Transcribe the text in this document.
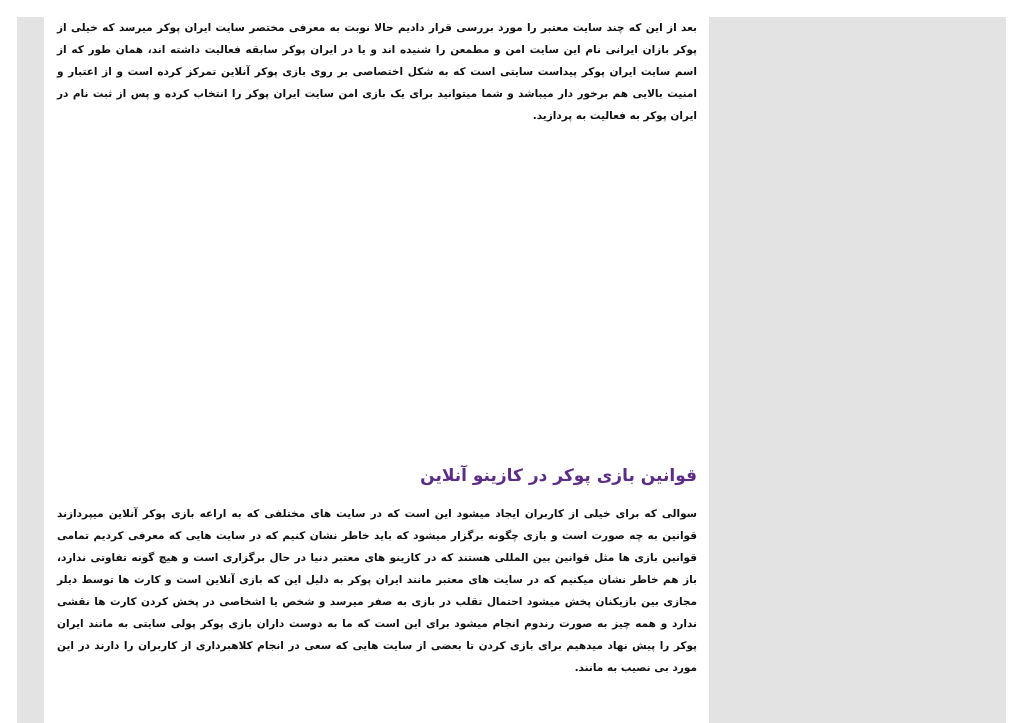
بعد از این که چند سایت معتبر را مورد بررسی قرار دادیم حالا نوبت به معرفی مختصر سایت ایران پوکر میرسد که خیلی از پوکر بازان ایرانی نام این سایت امن و مطمعن را شنیده اند و یا در ایران پوکر سابقه فعالیت داشته اند، همان طور که از اسم سایت ایران پوکر پیداست سایتی است که به شکل اختصاصی بر روی بازی پوکر آنلاین تمرکز کرده است و از اعتبار و امنیت بالایی هم برخور دار میباشد و شما میتوانید برای یک بازی امن سایت ایران پوکر را انتخاب کرده و پس از ثبت نام در ایران پوکر به فعالیت به پردازید.

قوانین بازی پوکر در کازینو آنلاین

سوالی که برای خیلی از کاربران ایجاد میشود این است که در سایت های مختلفی که به اراعه بازی پوکر آنلاین میپردازند قوانین به چه صورت است و بازی چگونه برگزار میشود که باید خاطر نشان کنیم که در سایت هایی که معرفی کردیم تمامی قوانین بازی ها مثل قوانین بین المللی هستند که در کازینو های معتبر دنیا در حال برگزاری است و هیچ گونه تفاوتی ندارد، باز هم خاطر نشان میکنیم که در سایت های معتبر مانند ایران پوکر به دلیل این که بازی آنلاین است و کارت ها توسط دیلر مجازی بین بازیکنان پخش میشود احتمال تقلب در بازی به صفر میرسد و شخص یا اشخاصی در پخش کردن کارت ها نقشی ندارد و همه چیز به صورت رندوم انجام میشود برای این است که ما به دوست داران بازی پوکر پولی سایتی به مانند ایران پوکر را پیش نهاد میدهیم برای بازی کردن تا بعضی از سایت هایی که سعی در انجام کلاهبرداری از کاربران را دارند در این مورد بی نصیب به مانند.
